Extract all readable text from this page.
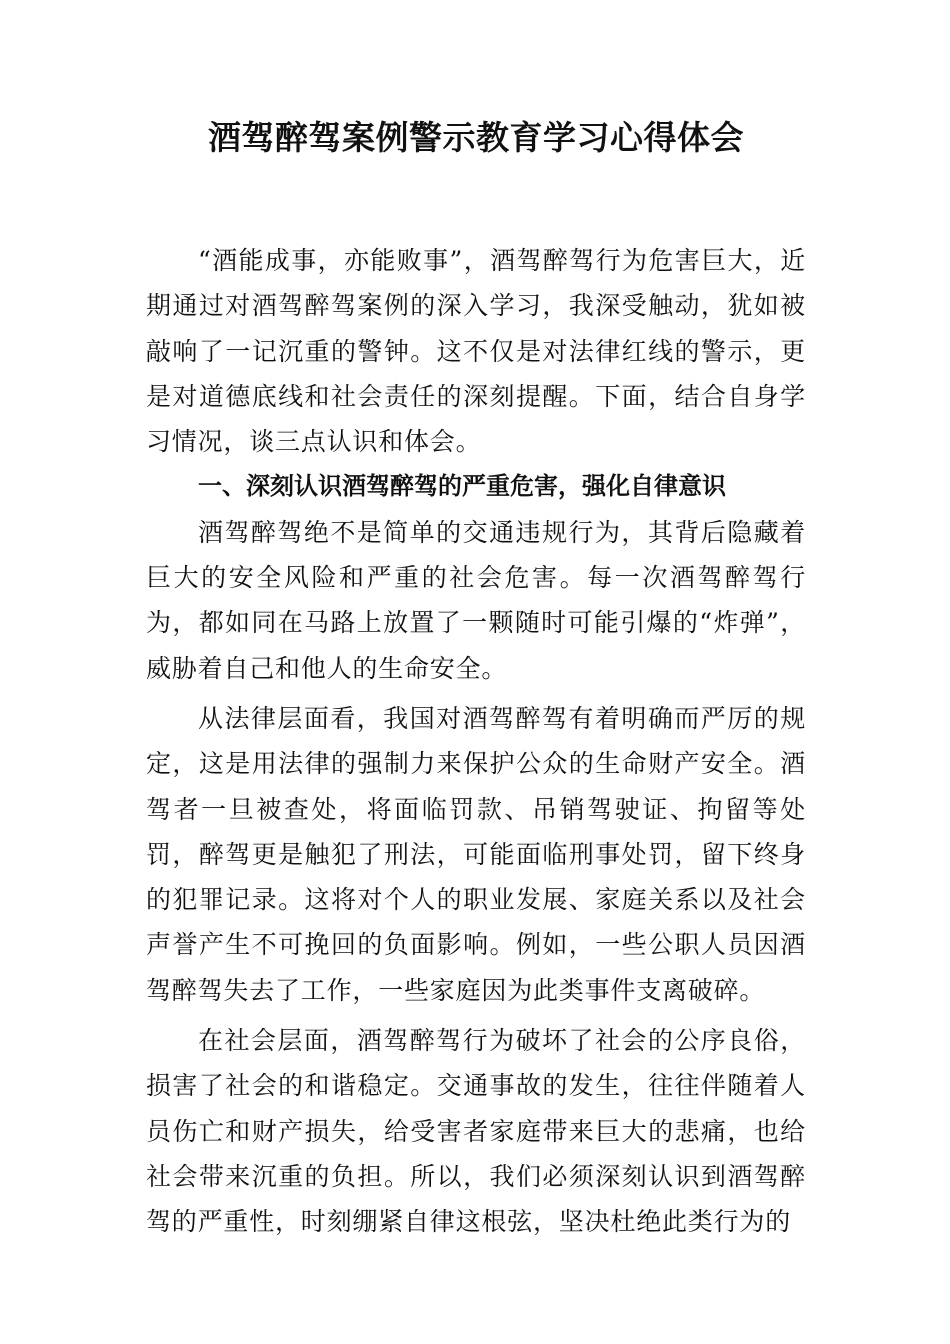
酒驾醉驾案例警示教育学习心得体会

“酒能成事，亦能败事”，酒驾醉驾行为危害巨大，近期通过对酒驾醉驾案例的深入学习，我深受触动，犹如被敲响了一记沉重的警钟。这不仅是对法律红线的警示，更是对道德底线和社会责任的深刻提醒。下面，结合自身学习情况，谈三点认识和体会。

一、深刻认识酒驾醉驾的严重危害，强化自律意识

酒驾醉驾绝不是简单的交通违规行为，其背后隐藏着巨大的安全风险和严重的社会危害。每一次酒驾醉驾行为，都如同在马路上放置了一颗随时可能引爆的“炸弹”，威胁着自己和他人的生命安全。

从法律层面看，我国对酒驾醉驾有着明确而严厉的规定，这是用法律的强制力来保护公众的生命财产安全。酒驾者一旦被查处，将面临罚款、吊销驾驶证、拘留等处罚，醉驾更是触犯了刑法，可能面临刑事处罚，留下终身的犯罪记录。这将对个人的职业发展、家庭关系以及社会声誉产生不可挽回的负面影响。例如，一些公职人员因酒驾醉驾失去了工作，一些家庭因为此类事件支离破碎。

在社会层面，酒驾醉驾行为破坏了社会的公序良俗，损害了社会的和谐稳定。交通事故的发生，往往伴随着人员伤亡和财产损失，给受害者家庭带来巨大的悲痛，也给社会带来沉重的负担。所以，我们必须深刻认识到酒驾醉驾的严重性，时刻绷紧自律这根弦，坚决杜绝此类行为的
